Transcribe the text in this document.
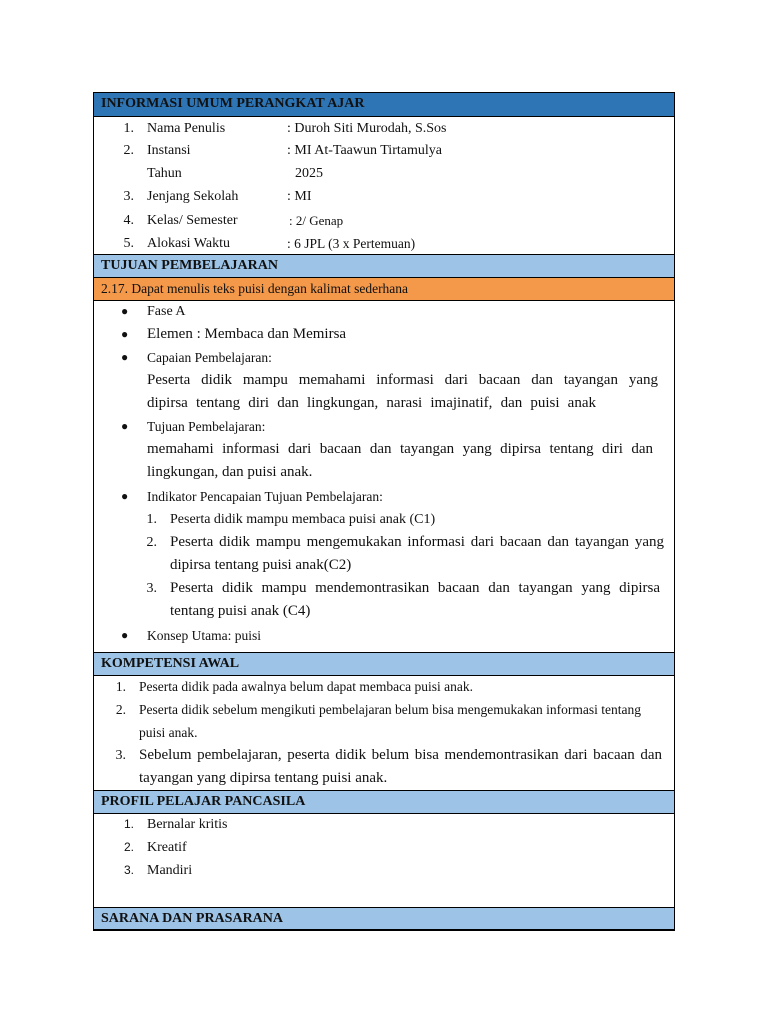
INFORMASI UMUM PERANGKAT AJAR
1. Nama Penulis	: Duroh Siti Murodah, S.Sos
2. Instansi	: MI At-Taawun Tirtamulya
Tahun	2025
3. Jenjang Sekolah	: MI
4. Kelas/ Semester	: 2/ Genap
5. Alokasi Waktu	: 6 JPL (3 x Pertemuan)
TUJUAN PEMBELAJARAN
2.17. Dapat menulis teks puisi dengan kalimat sederhana
● Fase A
● Elemen : Membaca dan Memirsa
● Capaian Pembelajaran:
Peserta didik mampu memahami informasi dari bacaan dan tayangan yang
dipirsa tentang diri dan lingkungan, narasi imajinatif, dan puisi anak
● Tujuan Pembelajaran:
memahami informasi dari bacaan dan tayangan yang dipirsa tentang diri dan
lingkungan, dan puisi anak.
● Indikator Pencapaian Tujuan Pembelajaran:
1. Peserta didik mampu membaca puisi anak (C1)
2. Peserta didik mampu mengemukakan informasi dari bacaan dan tayangan yang
dipirsa tentang puisi anak(C2)
3. Peserta didik mampu mendemontrasikan bacaan dan tayangan yang dipirsa
tentang puisi anak (C4)
● Konsep Utama: puisi
KOMPETENSI AWAL
1. Peserta didik pada awalnya belum dapat membaca puisi anak.
2. Peserta didik sebelum mengikuti pembelajaran belum bisa mengemukakan informasi tentang
puisi anak.
3. Sebelum pembelajaran, peserta didik belum bisa mendemontrasikan dari bacaan dan
tayangan yang dipirsa tentang puisi anak.
PROFIL PELAJAR PANCASILA
1. Bernalar kritis
2. Kreatif
3. Mandiri
SARANA DAN PRASARANA
